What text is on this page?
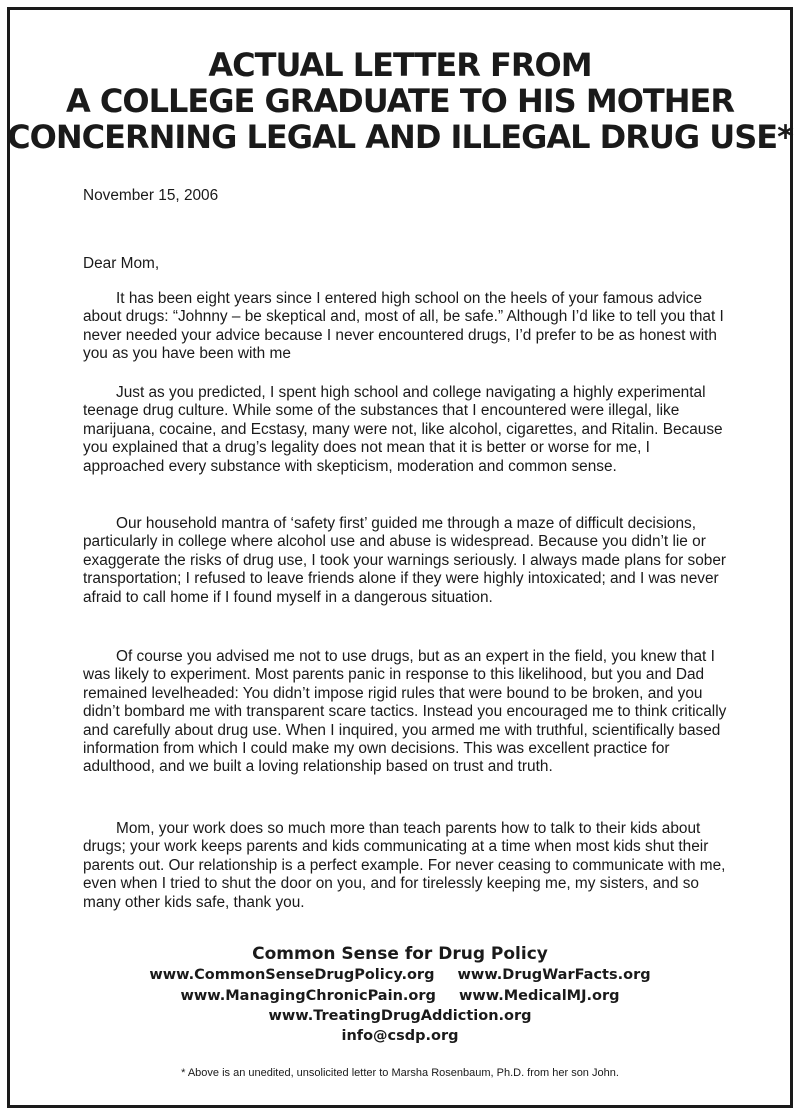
ACTUAL LETTER FROM
A COLLEGE GRADUATE TO HIS MOTHER
CONCERNING LEGAL AND ILLEGAL DRUG USE*
November 15, 2006
Dear Mom,
It has been eight years since I entered high school on the heels of your famous advice about drugs: “Johnny – be skeptical and, most of all, be safe.” Although I’d like to tell you that I never needed your advice because I never encountered drugs, I’d prefer to be as honest with you as you have been with me
Just as you predicted, I spent high school and college navigating a highly experimental teenage drug culture. While some of the substances that I encountered were illegal, like marijuana, cocaine, and Ecstasy, many were not, like alcohol, cigarettes, and Ritalin. Because you explained that a drug’s legality does not mean that it is better or worse for me, I approached every substance with skepticism, moderation and common sense.
Our household mantra of ‘safety first’ guided me through a maze of difficult decisions, particularly in college where alcohol use and abuse is widespread. Because you didn’t lie or exaggerate the risks of drug use, I took your warnings seriously. I always made plans for sober transportation; I refused to leave friends alone if they were highly intoxicated; and I was never afraid to call home if I found myself in a dangerous situation.
Of course you advised me not to use drugs, but as an expert in the field, you knew that I was likely to experiment. Most parents panic in response to this likelihood, but you and Dad remained levelheaded: You didn’t impose rigid rules that were bound to be broken, and you didn’t bombard me with transparent scare tactics. Instead you encouraged me to think critically and carefully about drug use. When I inquired, you armed me with truthful, scientifically based information from which I could make my own decisions. This was excellent practice for adulthood, and we built a loving relationship based on trust and truth.
Mom, your work does so much more than teach parents how to talk to their kids about drugs; your work keeps parents and kids communicating at a time when most kids shut their parents out. Our relationship is a perfect example. For never ceasing to communicate with me, even when I tried to shut the door on you, and for tirelessly keeping me, my sisters, and so many other kids safe, thank you.
Common Sense for Drug Policy
www.CommonSenseDrugPolicy.org www.DrugWarFacts.org
www.ManagingChronicPain.org www.MedicalMJ.org
www.TreatingDrugAddiction.org
info@csdp.org
* Above is an unedited, unsolicited letter to Marsha Rosenbaum, Ph.D. from her son John.
